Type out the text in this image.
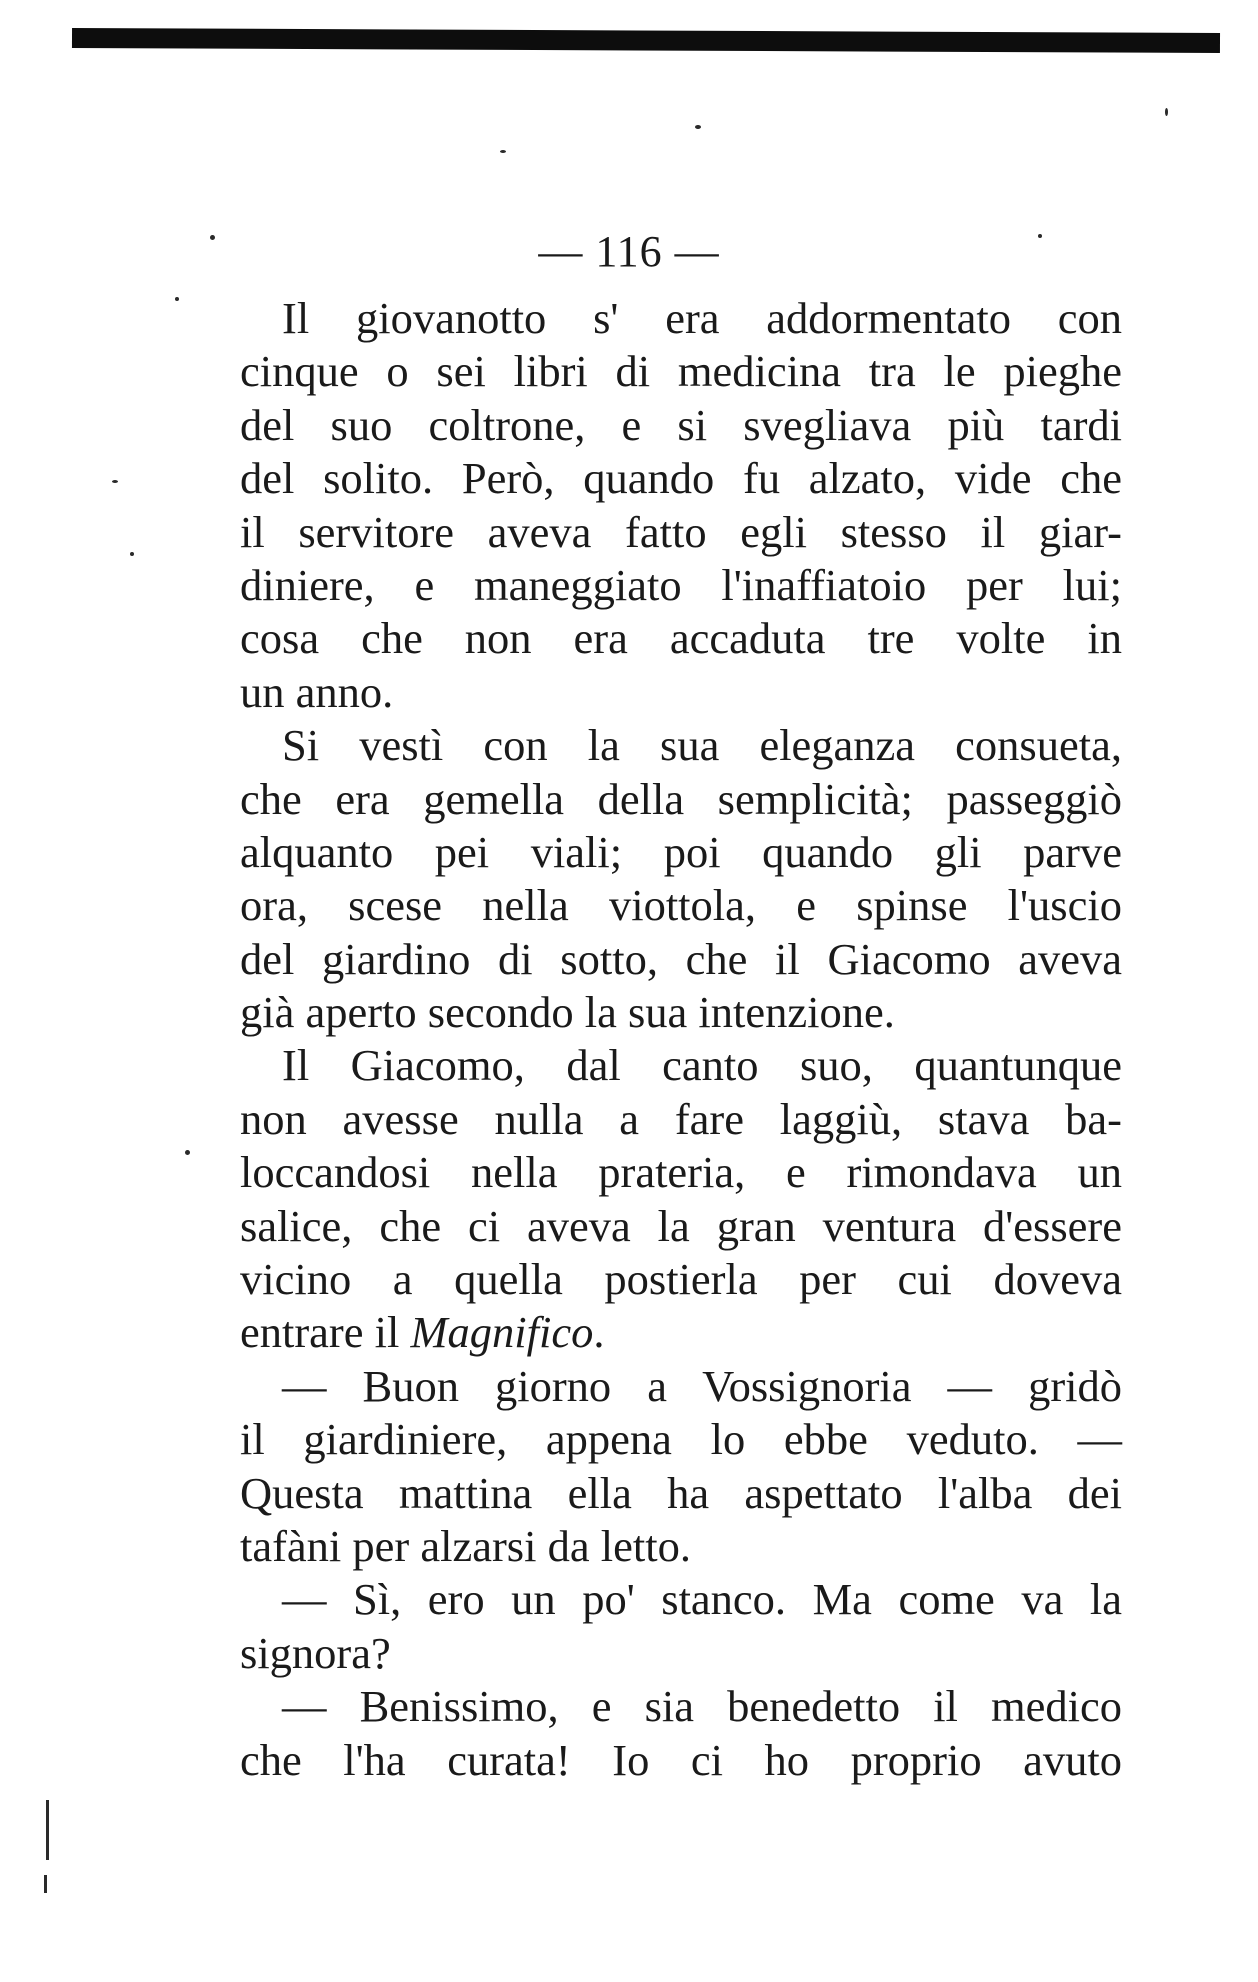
— 116 —
Il giovanotto s' era addormentato con
cinque o sei libri di medicina tra le pieghe
del suo coltrone, e si svegliava più tardi
del solito. Però, quando fu alzato, vide che
il servitore aveva fatto egli stesso il giar-
diniere, e maneggiato l'inaffiatoio per lui;
cosa che non era accaduta tre volte in
un anno.
Si vestì con la sua eleganza consueta,
che era gemella della semplicità; passeggiò
alquanto pei viali; poi quando gli parve
ora, scese nella viottola, e spinse l'uscio
del giardino di sotto, che il Giacomo aveva
già aperto secondo la sua intenzione.
Il Giacomo, dal canto suo, quantunque
non avesse nulla a fare laggiù, stava ba-
loccandosi nella prateria, e rimondava un
salice, che ci aveva la gran ventura d'essere
vicino a quella postierla per cui doveva
entrare il Magnifico.
— Buon giorno a Vossignoria — gridò
il giardiniere, appena lo ebbe veduto. —
Questa mattina ella ha aspettato l'alba dei
tafàni per alzarsi da letto.
— Sì, ero un po' stanco. Ma come va la
signora?
— Benissimo, e sia benedetto il medico
che l'ha curata! Io ci ho proprio avuto
